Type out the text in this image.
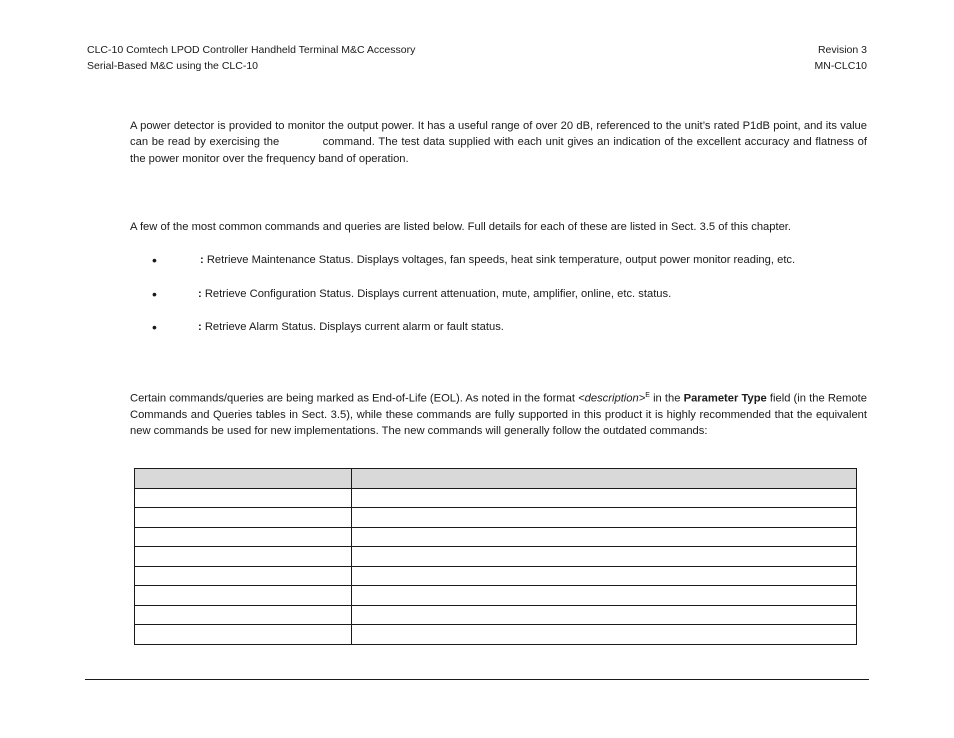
CLC-10 Comtech LPOD Controller Handheld Terminal M&C Accessory
Serial-Based M&C using the CLC-10
Revision 3
MN-CLC10
A power detector is provided to monitor the output power. It has a useful range of over 20 dB, referenced to the unit’s rated P1dB point, and its value can be read by exercising the	command. The test data supplied with each unit gives an indication of the excellent accuracy and flatness of the power monitor over the frequency band of operation.
A few of the most common commands and queries are listed below. Full details for each of these are listed in Sect. 3.5 of this chapter.
•	: Retrieve Maintenance Status. Displays voltages, fan speeds, heat sink temperature, output power monitor reading, etc.
•	: Retrieve Configuration Status. Displays current attenuation, mute, amplifier, online, etc. status.
•	: Retrieve Alarm Status. Displays current alarm or fault status.
Certain commands/queries are being marked as End-of-Life (EOL). As noted in the format <description>$^E$ in the Parameter Type field (in the Remote Commands and Queries tables in Sect. 3.5), while these commands are fully supported in this product it is highly recommended that the equivalent new commands be used for new implementations. The new commands will generally follow the outdated commands:
